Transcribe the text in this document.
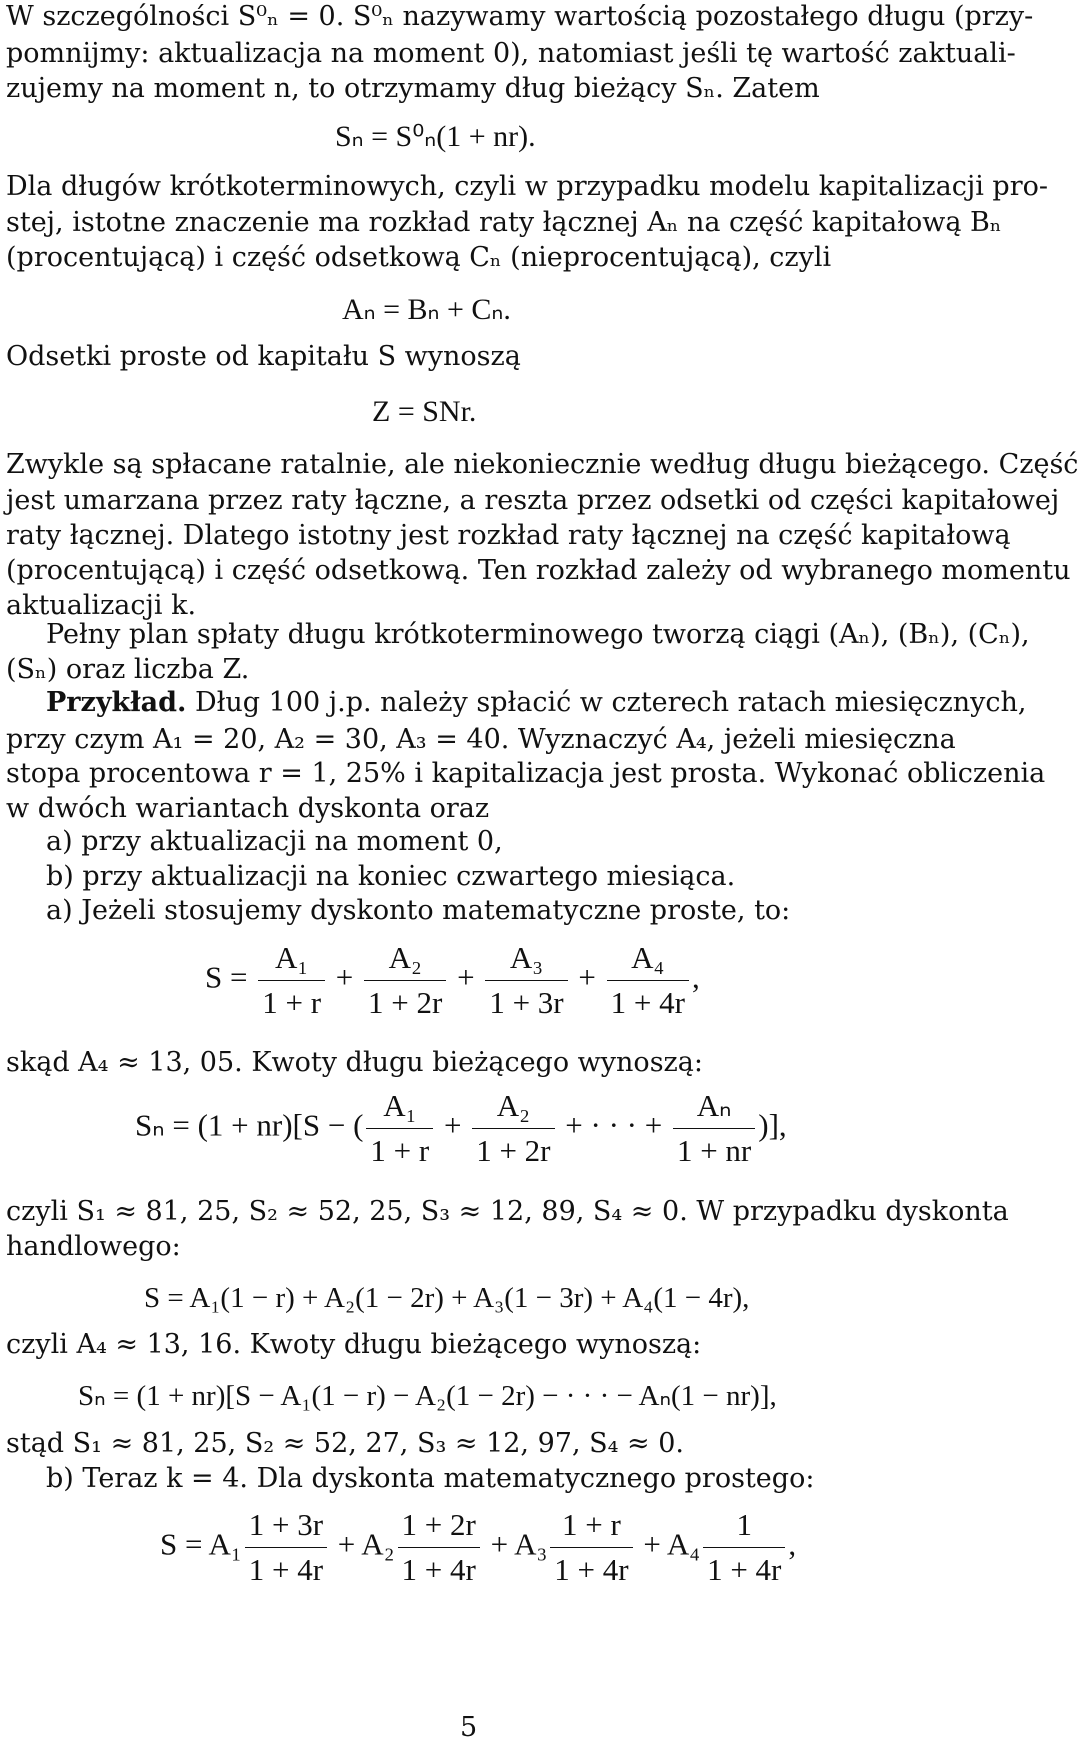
W szczególności S⁰ₙ = 0. S⁰ₙ nazywamy wartością pozostałego długu (przy-
pomnijmy: aktualizacja na moment 0), natomiast jeśli tę wartość zaktuali-
zujemy na moment n, to otrzymamy dług bieżący Sₙ. Zatem
Sₙ = S⁰ₙ(1 + nr).
Dla długów krótkoterminowych, czyli w przypadku modelu kapitalizacji pro-
stej, istotne znaczenie ma rozkład raty łącznej Aₙ na część kapitałową Bₙ
(procentującą) i część odsetkową Cₙ (nieprocentującą), czyli
Aₙ = Bₙ + Cₙ.
Odsetki proste od kapitału S wynoszą
Z = SNr.
Zwykle są spłacane ratalnie, ale niekoniecznie według długu bieżącego. Część
jest umarzana przez raty łączne, a reszta przez odsetki od części kapitałowej
raty łącznej. Dlatego istotny jest rozkład raty łącznej na część kapitałową
(procentującą) i część odsetkową. Ten rozkład zależy od wybranego momentu
aktualizacji k.
Pełny plan spłaty długu krótkoterminowego tworzą ciągi (Aₙ), (Bₙ), (Cₙ),
(Sₙ) oraz liczba Z.
Przykład. Dług 100 j.p. należy spłacić w czterech ratach miesięcznych,
przy czym A₁ = 20, A₂ = 30, A₃ = 40. Wyznaczyć A₄, jeżeli miesięczna
stopa procentowa r = 1, 25% i kapitalizacja jest prosta. Wykonać obliczenia
w dwóch wariantach dyskonta oraz
a) przy aktualizacji na moment 0,
b) przy aktualizacji na koniec czwartego miesiąca.
a) Jeżeli stosujemy dyskonto matematyczne proste, to:
$S = \frac{\text{A₁}}{1 + r} + \frac{\text{A₂}}{1 + 2r} + \frac{\text{A₃}}{1 + 3r} + \frac{\text{A₄}}{1 + 4r}$ ,
skąd A₄ ≈ 13, 05. Kwoty długu bieżącego wynoszą:
Sₙ = (1 + nr)[S − ( $\frac{\text{A₁}}{1 + r} + \frac{\text{A₂}}{1 + 2r}$ + · · · + $\frac{\text{Aₙ}}{1 + nr}$ )],
czyli S₁ ≈ 81, 25, S₂ ≈ 52, 25, S₃ ≈ 12, 89, S₄ ≈ 0. W przypadku dyskonta
handlowego:
S = A₁(1 − r) + A₂(1 − 2r) + A₃(1 − 3r) + A₄(1 − 4r),
czyli A₄ ≈ 13, 16. Kwoty długu bieżącego wynoszą:
Sₙ = (1 + nr)[S − A₁(1 − r) − A₂(1 − 2r) − · · · − Aₙ(1 − nr)],
stąd S₁ ≈ 81, 25, S₂ ≈ 52, 27, S₃ ≈ 12, 97, S₄ ≈ 0.
b) Teraz k = 4. Dla dyskonta matematycznego prostego:
$S = A_1 \frac{1 + 3r}{1 + 4r} + A_2 \frac{1 + 2r}{1 + 4r} + A_3 \frac{1 + r}{1 + 4r} + A_4 \frac{1}{1 + 4r}$ ,
5
